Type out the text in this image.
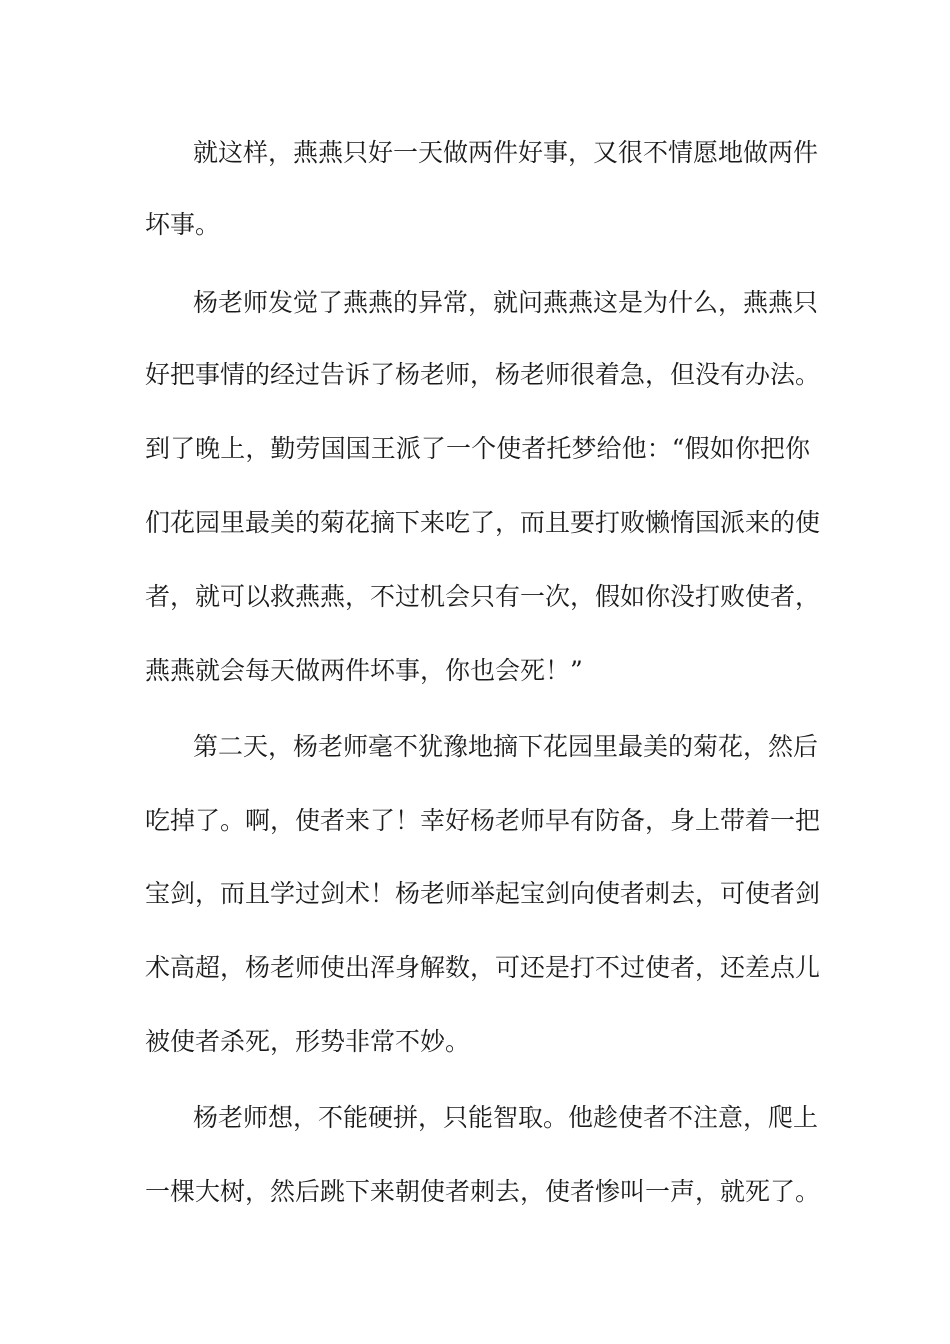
就这样，燕燕只好一天做两件好事，又很不情愿地做两件
坏事。
杨老师发觉了燕燕的异常，就问燕燕这是为什么，燕燕只
好把事情的经过告诉了杨老师，杨老师很着急，但没有办法。
到了晚上，勤劳国国王派了一个使者托梦给他：“假如你把你
们花园里最美的菊花摘下来吃了，而且要打败懒惰国派来的使
者，就可以救燕燕，不过机会只有一次，假如你没打败使者，
燕燕就会每天做两件坏事，你也会死！”
第二天，杨老师毫不犹豫地摘下花园里最美的菊花，然后
吃掉了。啊，使者来了！幸好杨老师早有防备，身上带着一把
宝剑，而且学过剑术！杨老师举起宝剑向使者刺去，可使者剑
术高超，杨老师使出浑身解数，可还是打不过使者，还差点儿
被使者杀死，形势非常不妙。
杨老师想，不能硬拼，只能智取。他趁使者不注意，爬上
一棵大树，然后跳下来朝使者刺去，使者惨叫一声，就死了。
